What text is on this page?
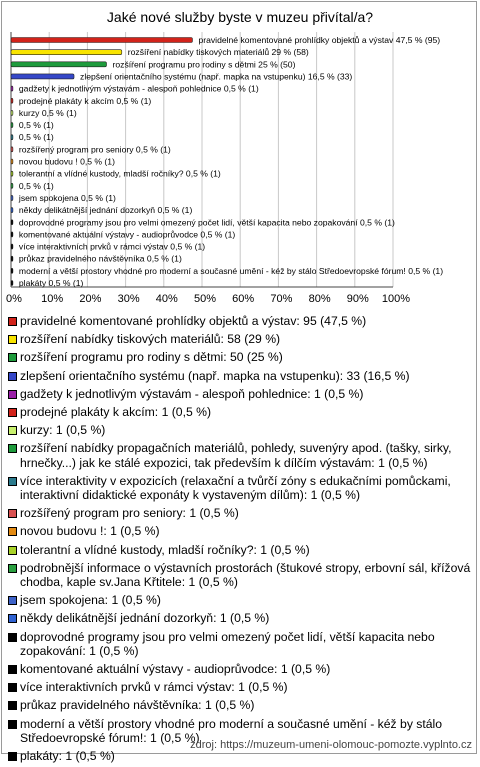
Jaké nové služby byste v muzeu přivítal/a?
0% 10% 20% 30% 40% 50% 60% 70% 80% 90% 100%
pravidelné komentované prohlídky objektů a výstav 47,5 % (95)
rozšíření nabídky tiskových materiálů 29 % (58)
rozšíření programu pro rodiny s dětmi 25 % (50)
zlepšení orientačního systému (např. mapka na vstupenku) 16,5 % (33)
gadžety k jednotlivým výstavám - alespoň pohlednice 0,5 % (1)
prodejné plakáty k akcím 0,5 % (1)
kurzy 0,5 % (1)
0,5 % (1)
0,5 % (1)
rozšířený program pro seniory 0,5 % (1)
novou budovu ! 0,5 % (1)
tolerantní a vlídné kustody, mladší ročníky? 0,5 % (1)
0,5 % (1)
jsem spokojena 0,5 % (1)
někdy delikátnější jednání dozorkyň 0,5 % (1)
doprovodné programy jsou pro velmi omezený počet lidí, větší kapacita nebo zopakování 0,5 % (1)
komentované aktuální výstavy - audioprůvodce 0,5 % (1)
více interaktivních prvků v rámci výstav 0,5 % (1)
průkaz pravidelného návštěvníka 0,5 % (1)
moderní a větší prostory vhodné pro moderní a současné umění - kéž by stálo Středoevropské fórum! 0,5 % (1)
plakáty 0,5 % (1)
pravidelné komentované prohlídky objektů a výstav: 95 (47,5 %)
rozšíření nabídky tiskových materiálů: 58 (29 %)
rozšíření programu pro rodiny s dětmi: 50 (25 %)
zlepšení orientačního systému (např. mapka na vstupenku): 33 (16,5 %)
gadžety k jednotlivým výstavám - alespoň pohlednice: 1 (0,5 %)
prodejné plakáty k akcím: 1 (0,5 %)
kurzy: 1 (0,5 %)
rozšíření nabídky propagačních materiálů, pohledy, suvenýry apod. (tašky, sirky, hrnečky...) jak ke stálé expozici, tak především k dílčím výstavám: 1 (0,5 %)
více interaktivity v expozicích (relaxační a tvůrčí zóny s edukačními pomůckami, interaktivní didaktické exponáty k vystaveným dílům): 1 (0,5 %)
rozšířený program pro seniory: 1 (0,5 %)
novou budovu !: 1 (0,5 %)
tolerantní a vlídné kustody, mladší ročníky?: 1 (0,5 %)
podrobnější informace o výstavních prostorách (štukové stropy, erbovní sál, křížová chodba, kaple sv.Jana Křtitele: 1 (0,5 %)
jsem spokojena: 1 (0,5 %)
někdy delikátnější jednání dozorkyň: 1 (0,5 %)
doprovodné programy jsou pro velmi omezený počet lidí, větší kapacita nebo zopakování: 1 (0,5 %)
komentované aktuální výstavy - audioprůvodce: 1 (0,5 %)
více interaktivních prvků v rámci výstav: 1 (0,5 %)
průkaz pravidelného návštěvníka: 1 (0,5 %)
moderní a větší prostory vhodné pro moderní a současné umění - kéž by stálo Středoevropské fórum!: 1 (0,5 %)
plakáty: 1 (0,5 %)
zdroj: https://muzeum-umeni-olomouc-pomozte.vyplnto.cz
